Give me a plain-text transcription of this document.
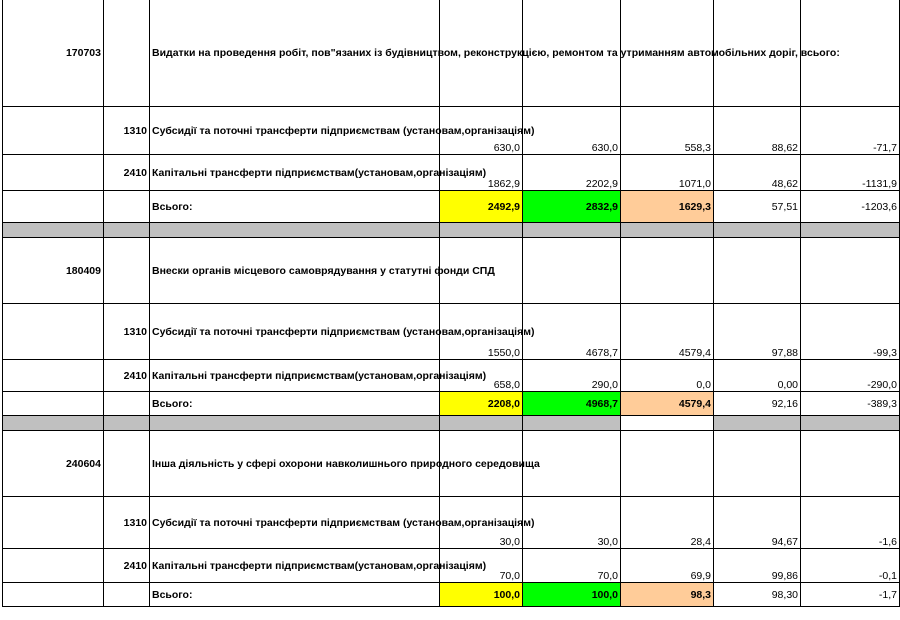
170703		Видатки на проведення робіт, пов"язаних із будівництвом, реконструкцією, ремонтом та утриманням автомобільних доріг, всього:					
	1310	Субсидії та поточні трансферти підприємствам (установам,організаціям)	630,0	630,0	558,3	88,62	-71,7
	2410	Капітальні трансферти підприємствам(установам,організаціям)	1862,9	2202,9	1071,0	48,62	-1131,9
		Всього:	2492,9	2832,9	1629,3	57,51	-1203,6

180409		Внески органів місцевого самоврядування у статутні фонди СПД					
	1310	Субсидії та поточні трансферти підприємствам (установам,організаціям)	1550,0	4678,7	4579,4	97,88	-99,3
	2410	Капітальні трансферти підприємствам(установам,організаціям)	658,0	290,0	0,0	0,00	-290,0
		Всього:	2208,0	4968,7	4579,4	92,16	-389,3

240604		Інша діяльність у сфері охорони навколишнього природного середовища					
	1310	Субсидії та поточні трансферти підприємствам (установам,організаціям)	30,0	30,0	28,4	94,67	-1,6
	2410	Капітальні трансферти підприємствам(установам,організаціям)	70,0	70,0	69,9	99,86	-0,1
		Всього:	100,0	100,0	98,3	98,30	-1,7
